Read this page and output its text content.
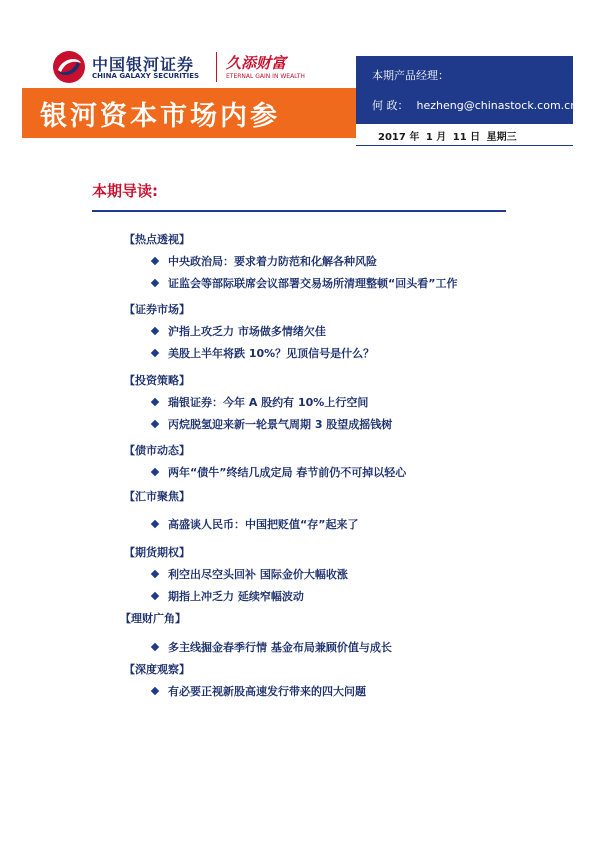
中国银河证券
CHINA GALAXY SECURITIES
久添财富
ETERNAL GAIN IN WEALTH
银河资本市场内参
本期产品经理：
何 政： hezheng@chinastock.com.cn
2017 年 1 月 11 日 星期三
本期导读:
【热点透视】
中央政治局：要求着力防范和化解各种风险
证监会等部际联席会议部署交易场所清理整顿“回头看”工作
【证券市场】
沪指上攻乏力 市场做多情绪欠佳
美股上半年将跌 10%？见顶信号是什么？
【投资策略】
瑞银证券：今年 A 股约有 10%上行空间
丙烷脱氢迎来新一轮景气周期 3 股望成摇钱树
【债市动态】
两年“债牛”终结几成定局 春节前仍不可掉以轻心
【汇市聚焦】
高盛谈人民币：中国把贬值“存”起来了
【期货期权】
利空出尽空头回补 国际金价大幅收涨
期指上冲乏力 延续窄幅波动
【理财广角】
多主线掘金春季行情 基金布局兼顾价值与成长
【深度观察】
有必要正视新股高速发行带来的四大问题
